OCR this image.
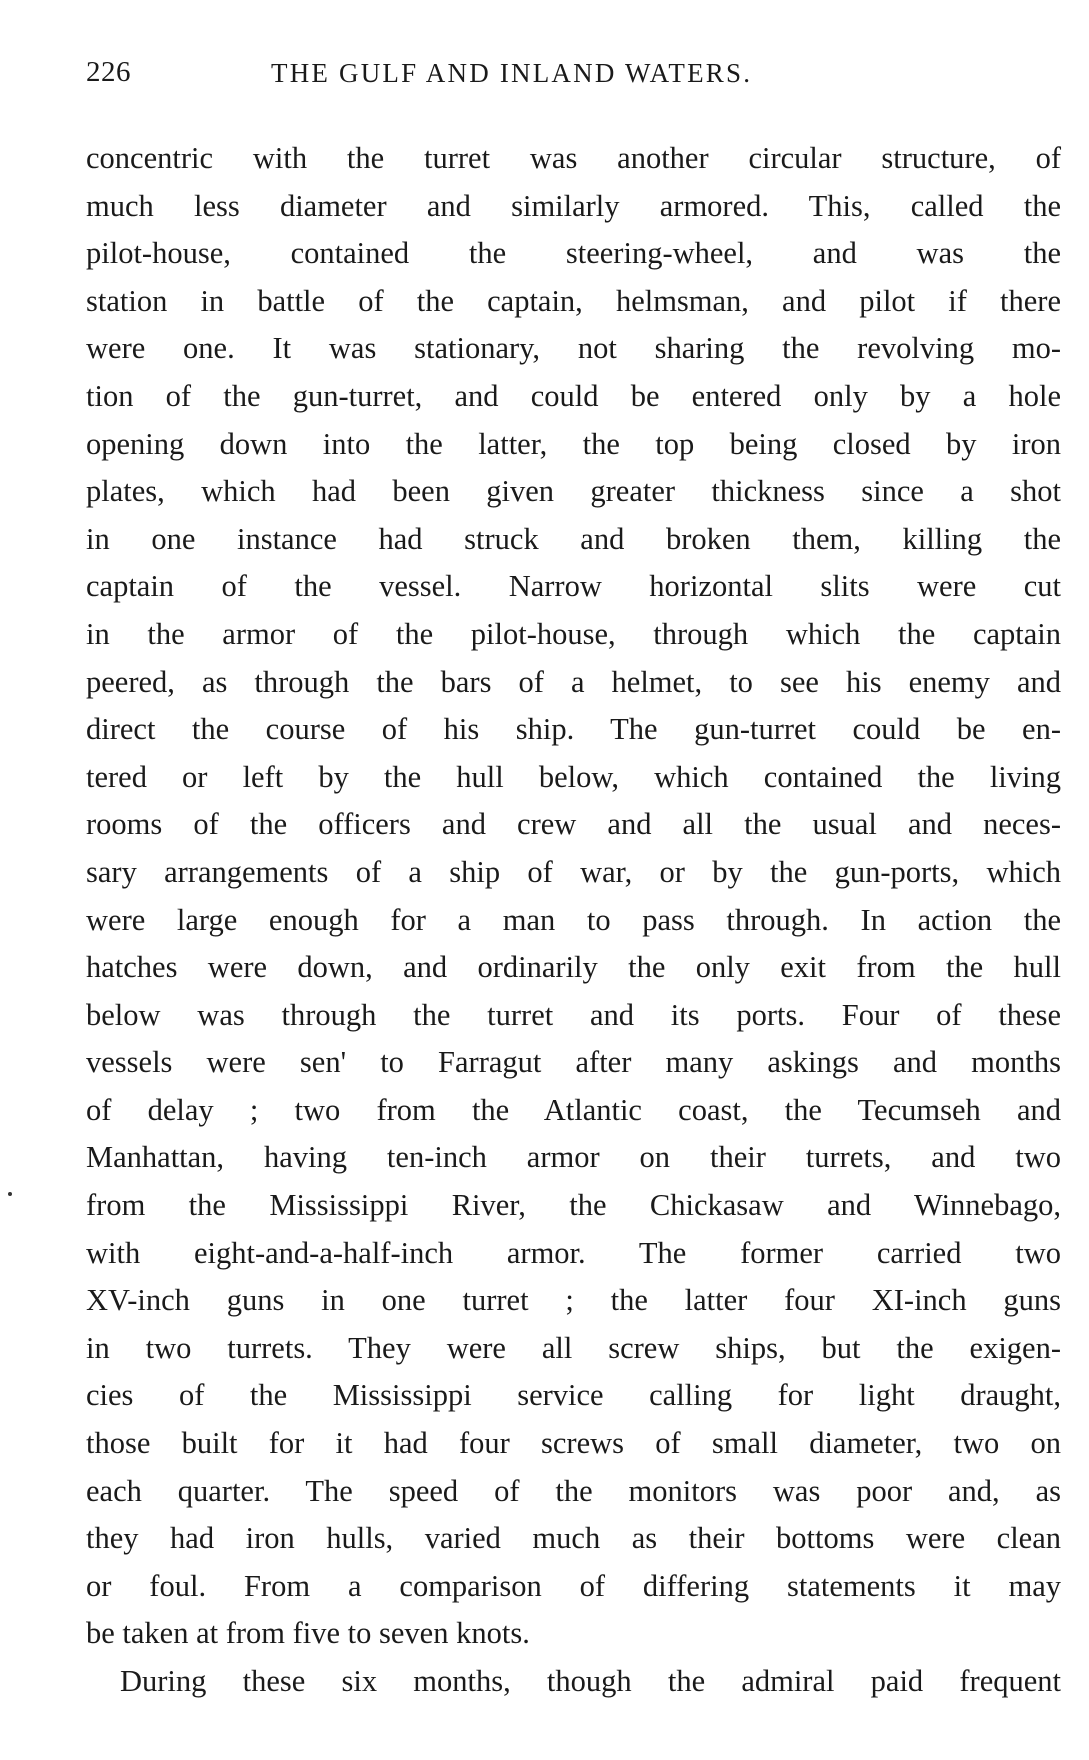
226	THE GULF AND INLAND WATERS.
concentric with the turret was another circular structure, of
much less diameter and similarly armored. This, called the
pilot-house, contained the steering-wheel, and was the
station in battle of the captain, helmsman, and pilot if there
were one. It was stationary, not sharing the revolving mo-
tion of the gun-turret, and could be entered only by a hole
opening down into the latter, the top being closed by iron
plates, which had been given greater thickness since a shot
in one instance had struck and broken them, killing the
captain of the vessel. Narrow horizontal slits were cut
in the armor of the pilot-house, through which the captain
peered, as through the bars of a helmet, to see his enemy and
direct the course of his ship. The gun-turret could be en-
tered or left by the hull below, which contained the living
rooms of the officers and crew and all the usual and neces-
sary arrangements of a ship of war, or by the gun-ports, which
were large enough for a man to pass through. In action the
hatches were down, and ordinarily the only exit from the hull
below was through the turret and its ports. Four of these
vessels were sen' to Farragut after many askings and months
of delay ; two from the Atlantic coast, the Tecumseh and
Manhattan, having ten-inch armor on their turrets, and two
from the Mississippi River, the Chickasaw and Winnebago,
with eight-and-a-half-inch armor. The former carried two
XV-inch guns in one turret ; the latter four XI-inch guns
in two turrets. They were all screw ships, but the exigen-
cies of the Mississippi service calling for light draught,
those built for it had four screws of small diameter, two on
each quarter. The speed of the monitors was poor and, as
they had iron hulls, varied much as their bottoms were clean
or foul. From a comparison of differing statements it may
be taken at from five to seven knots.
During these six months, though the admiral paid frequent
